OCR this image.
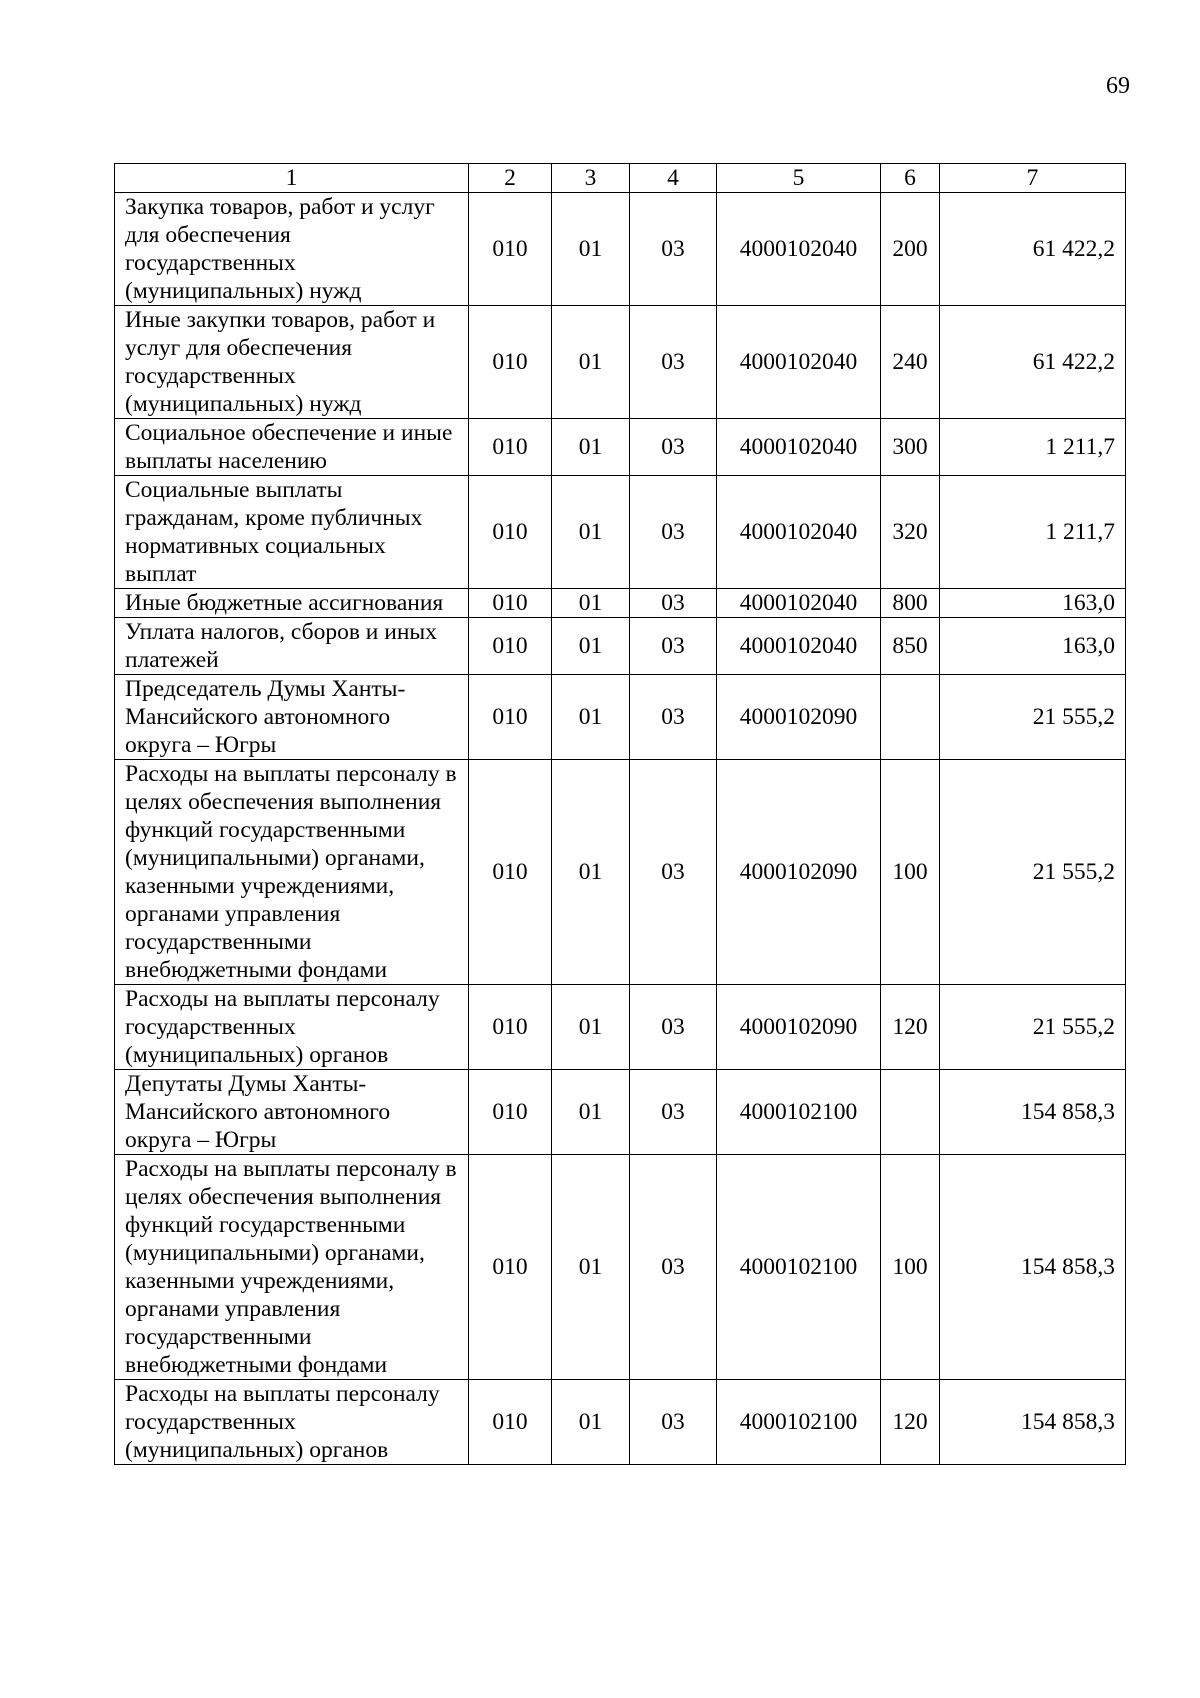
69
1	2	3	4	5	6	7
Закупка товаров, работ и услуг для обеспечения государственных (муниципальных) нужд	010	01	03	4000102040	200	61 422,2
Иные закупки товаров, работ и услуг для обеспечения государственных (муниципальных) нужд	010	01	03	4000102040	240	61 422,2
Социальное обеспечение и иные выплаты населению	010	01	03	4000102040	300	1 211,7
Социальные выплаты гражданам, кроме публичных нормативных социальных выплат	010	01	03	4000102040	320	1 211,7
Иные бюджетные ассигнования	010	01	03	4000102040	800	163,0
Уплата налогов, сборов и иных платежей	010	01	03	4000102040	850	163,0
Председатель Думы Ханты-Мансийского автономного округа – Югры	010	01	03	4000102090		21 555,2
Расходы на выплаты персоналу в целях обеспечения выполнения функций государственными (муниципальными) органами, казенными учреждениями, органами управления государственными внебюджетными фондами	010	01	03	4000102090	100	21 555,2
Расходы на выплаты персоналу государственных (муниципальных) органов	010	01	03	4000102090	120	21 555,2
Депутаты Думы Ханты-Мансийского автономного округа – Югры	010	01	03	4000102100		154 858,3
Расходы на выплаты персоналу в целях обеспечения выполнения функций государственными (муниципальными) органами, казенными учреждениями, органами управления государственными внебюджетными фондами	010	01	03	4000102100	100	154 858,3
Расходы на выплаты персоналу государственных (муниципальных) органов	010	01	03	4000102100	120	154 858,3
